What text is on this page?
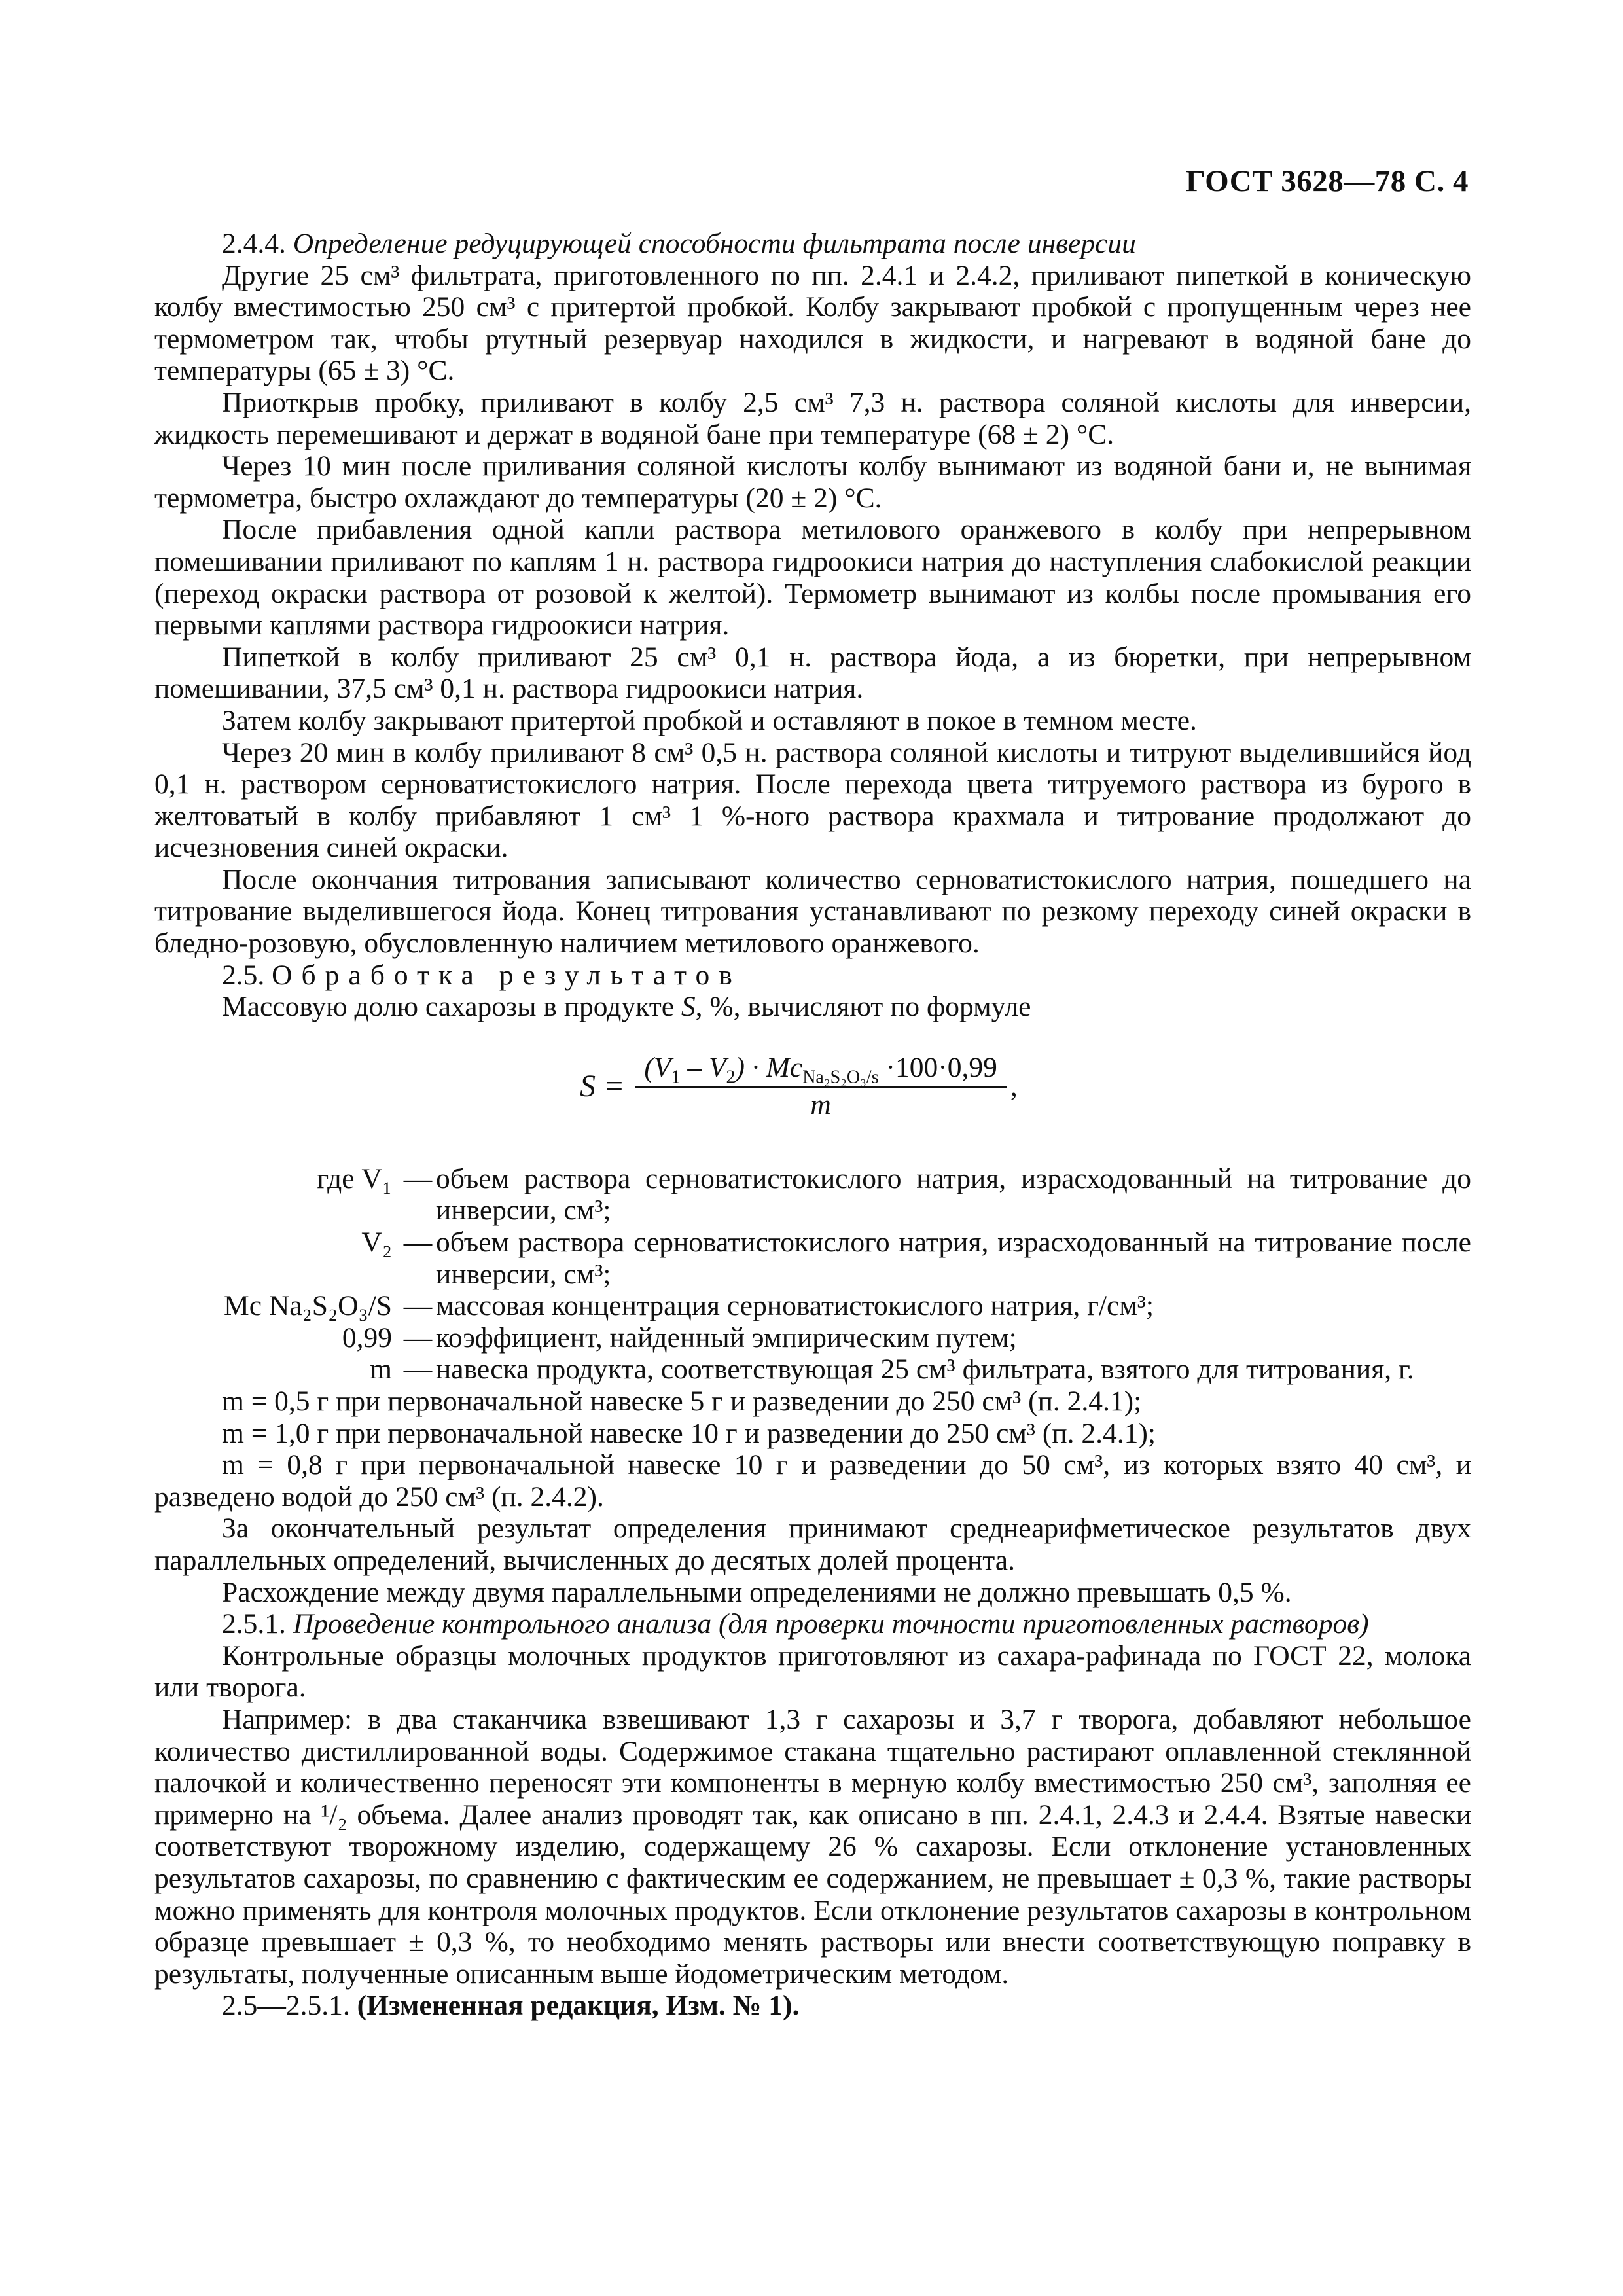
ГОСТ 3628—78 С. 4

2.4.4. Определение редуцирующей способности фильтрата после инверсии

Другие 25 см³ фильтрата, приготовленного по пп. 2.4.1 и 2.4.2, приливают пипеткой в коническую колбу вместимостью 250 см³ с притертой пробкой. Колбу закрывают пробкой с пропущенным через нее термометром так, чтобы ртутный резервуар находился в жидкости, и нагревают в водяной бане до температуры (65 ± 3) °С.

Приоткрыв пробку, приливают в колбу 2,5 см³ 7,3 н. раствора соляной кислоты для инверсии, жидкость перемешивают и держат в водяной бане при температуре (68 ± 2) °С.

Через 10 мин после приливания соляной кислоты колбу вынимают из водяной бани и, не вынимая термометра, быстро охлаждают до температуры (20 ± 2) °С.

После прибавления одной капли раствора метилового оранжевого в колбу при непрерывном помешивании приливают по каплям 1 н. раствора гидроокиси натрия до наступления слабокислой реакции (переход окраски раствора от розовой к желтой). Термометр вынимают из колбы после промывания его первыми каплями раствора гидроокиси натрия.

Пипеткой в колбу приливают 25 см³ 0,1 н. раствора йода, а из бюретки, при непрерывном помешивании, 37,5 см³ 0,1 н. раствора гидроокиси натрия.

Затем колбу закрывают притертой пробкой и оставляют в покое в темном месте.

Через 20 мин в колбу приливают 8 см³ 0,5 н. раствора соляной кислоты и титруют выделившийся йод 0,1 н. раствором серноватистокислого натрия. После перехода цвета титруемого раствора из бурого в желтоватый в колбу прибавляют 1 см³ 1 %-ного раствора крахмала и титрование продолжают до исчезновения синей окраски.

После окончания титрования записывают количество серноватистокислого натрия, пошедшего на титрование выделившегося йода. Конец титрования устанавливают по резкому переходу синей окраски в бледно-розовую, обусловленную наличием метилового оранжевого.

2.5. Обработка результатов

Массовую долю сахарозы в продукте S, %, вычисляют по формуле

$S = \frac{(V_1 - V_2) \cdot Mc_{Na_2S_2O_3/s} \cdot 100\cdot 0,99}{m}$ ,
где V₁ — объем раствора серноватистокислого натрия, израсходованный на титрование до инверсии, см³;
V₂ — объем раствора серноватистокислого натрия, израсходованный на титрование после инверсии, см³;
Mc Na₂S₂O₃/S — массовая концентрация серноватистокислого натрия, г/см³;
0,99 — коэффициент, найденный эмпирическим путем;
m — навеска продукта, соответствующая 25 см³ фильтрата, взятого для титрования, г.

m = 0,5 г при первоначальной навеске 5 г и разведении до 250 см³ (п. 2.4.1);

m = 1,0 г при первоначальной навеске 10 г и разведении до 250 см³ (п. 2.4.1);

m = 0,8 г при первоначальной навеске 10 г и разведении до 50 см³, из которых взято 40 см³, и разведено водой до 250 см³ (п. 2.4.2).

За окончательный результат определения принимают среднеарифметическое результатов двух параллельных определений, вычисленных до десятых долей процента.

Расхождение между двумя параллельными определениями не должно превышать 0,5 %.

2.5.1. Проведение контрольного анализа (для проверки точности приготовленных растворов)

Контрольные образцы молочных продуктов приготовляют из сахара-рафинада по ГОСТ 22, молока или творога.

Например: в два стаканчика взвешивают 1,3 г сахарозы и 3,7 г творога, добавляют небольшое количество дистиллированной воды. Содержимое стакана тщательно растирают оплавленной стеклянной палочкой и количественно переносят эти компоненты в мерную колбу вместимостью 250 см³, заполняя ее примерно на ¹/₂ объема. Далее анализ проводят так, как описано в пп. 2.4.1, 2.4.3 и 2.4.4. Взятые навески соответствуют творожному изделию, содержащему 26 % сахарозы. Если отклонение установленных результатов сахарозы, по сравнению с фактическим ее содержанием, не превышает ± 0,3 %, такие растворы можно применять для контроля молочных продуктов. Если отклонение результатов сахарозы в контрольном образце превышает ± 0,3 %, то необходимо менять растворы или внести соответствующую поправку в результаты, полученные описанным выше йодометрическим методом.

2.5—2.5.1. (Измененная редакция, Изм. № 1).
